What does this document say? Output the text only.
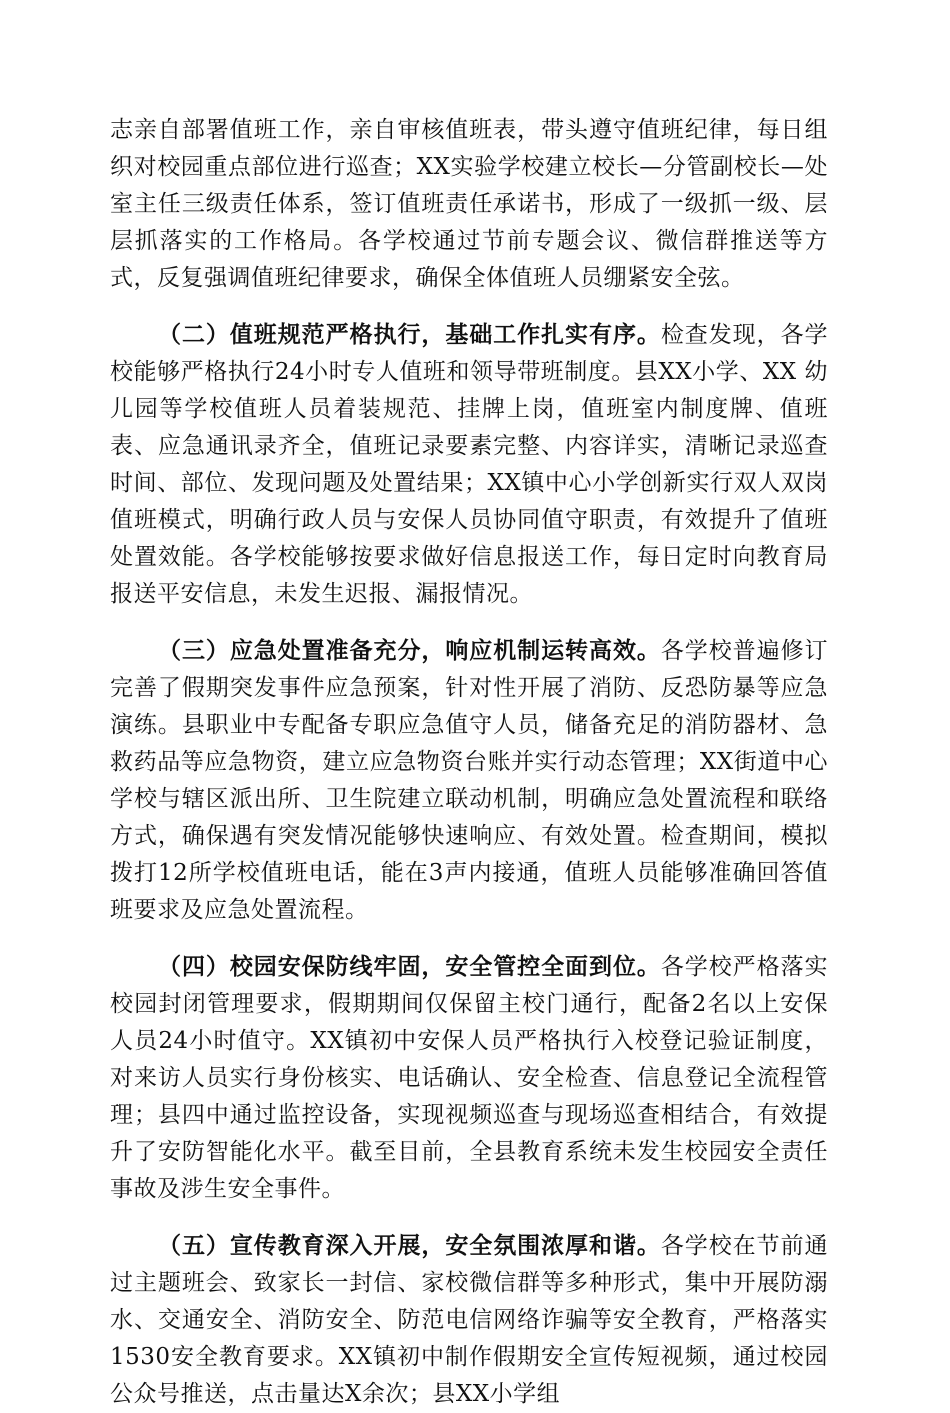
志亲自部署值班工作，亲自审核值班表，带头遵守值班纪律，每日组织对校园重点部位进行巡查；XX实验学校建立校长—分管副校长—处室主任三级责任体系，签订值班责任承诺书，形成了一级抓一级、层层抓落实的工作格局。各学校通过节前专题会议、微信群推送等方式，反复强调值班纪律要求，确保全体值班人员绷紧安全弦。

（二）值班规范严格执行，基础工作扎实有序。检查发现，各学校能够严格执行24小时专人值班和领导带班制度。县XX小学、XX 幼儿园等学校值班人员着装规范、挂牌上岗，值班室内制度牌、值班表、应急通讯录齐全，值班记录要素完整、内容详实，清晰记录巡查时间、部位、发现问题及处置结果；XX镇中心小学创新实行双人双岗值班模式，明确行政人员与安保人员协同值守职责，有效提升了值班处置效能。各学校能够按要求做好信息报送工作，每日定时向教育局报送平安信息，未发生迟报、漏报情况。

（三）应急处置准备充分，响应机制运转高效。各学校普遍修订完善了假期突发事件应急预案，针对性开展了消防、反恐防暴等应急演练。县职业中专配备专职应急值守人员，储备充足的消防器材、急救药品等应急物资，建立应急物资台账并实行动态管理；XX街道中心学校与辖区派出所、卫生院建立联动机制，明确应急处置流程和联络方式，确保遇有突发情况能够快速响应、有效处置。检查期间，模拟拨打12所学校值班电话，能在3声内接通，值班人员能够准确回答值班要求及应急处置流程。

（四）校园安保防线牢固，安全管控全面到位。各学校严格落实校园封闭管理要求，假期期间仅保留主校门通行，配备2名以上安保人员24小时值守。XX镇初中安保人员严格执行入校登记验证制度，对来访人员实行身份核实、电话确认、安全检查、信息登记全流程管理；县四中通过监控设备，实现视频巡查与现场巡查相结合，有效提升了安防智能化水平。截至目前，全县教育系统未发生校园安全责任事故及涉生安全事件。

（五）宣传教育深入开展，安全氛围浓厚和谐。各学校在节前通过主题班会、致家长一封信、家校微信群等多种形式，集中开展防溺水、交通安全、消防安全、防范电信网络诈骗等安全教育，严格落实1530安全教育要求。XX镇初中制作假期安全宣传短视频，通过校园公众号推送，点击量达X余次；县XX小学组
